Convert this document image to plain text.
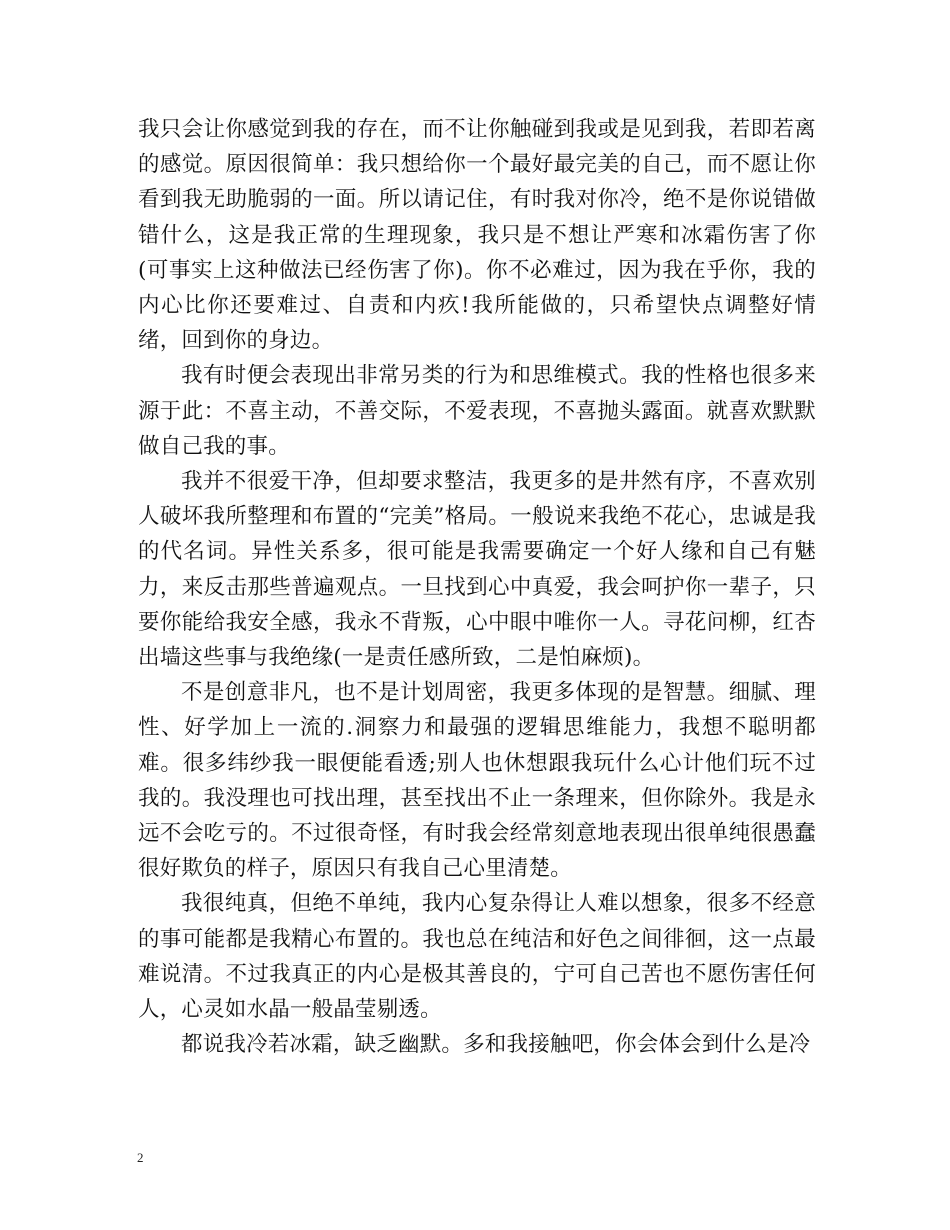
我只会让你感觉到我的存在，而不让你触碰到我或是见到我，若即若离的感觉。原因很简单：我只想给你一个最好最完美的自己，而不愿让你看到我无助脆弱的一面。所以请记住，有时我对你冷，绝不是你说错做错什么，这是我正常的生理现象，我只是不想让严寒和冰霜伤害了你(可事实上这种做法已经伤害了你)。你不必难过，因为我在乎你，我的内心比你还要难过、自责和内疚!我所能做的，只希望快点调整好情绪，回到你的身边。

我有时便会表现出非常另类的行为和思维模式。我的性格也很多来源于此：不喜主动，不善交际，不爱表现，不喜抛头露面。就喜欢默默做自己我的事。

我并不很爱干净，但却要求整洁，我更多的是井然有序，不喜欢别人破坏我所整理和布置的“完美”格局。一般说来我绝不花心，忠诚是我的代名词。异性关系多，很可能是我需要确定一个好人缘和自己有魅力，来反击那些普遍观点。一旦找到心中真爱，我会呵护你一辈子，只要你能给我安全感，我永不背叛，心中眼中唯你一人。寻花问柳，红杏出墙这些事与我绝缘(一是责任感所致，二是怕麻烦)。

不是创意非凡，也不是计划周密，我更多体现的是智慧。细腻、理性、好学加上一流的.洞察力和最强的逻辑思维能力，我想不聪明都难。很多纬纱我一眼便能看透;别人也休想跟我玩什么心计他们玩不过我的。我没理也可找出理，甚至找出不止一条理来，但你除外。我是永远不会吃亏的。不过很奇怪，有时我会经常刻意地表现出很单纯很愚蠢很好欺负的样子，原因只有我自己心里清楚。

我很纯真，但绝不单纯，我内心复杂得让人难以想象，很多不经意的事可能都是我精心布置的。我也总在纯洁和好色之间徘徊，这一点最难说清。不过我真正的内心是极其善良的，宁可自己苦也不愿伤害任何人，心灵如水晶一般晶莹剔透。

都说我冷若冰霜，缺乏幽默。多和我接触吧，你会体会到什么是冷

2
